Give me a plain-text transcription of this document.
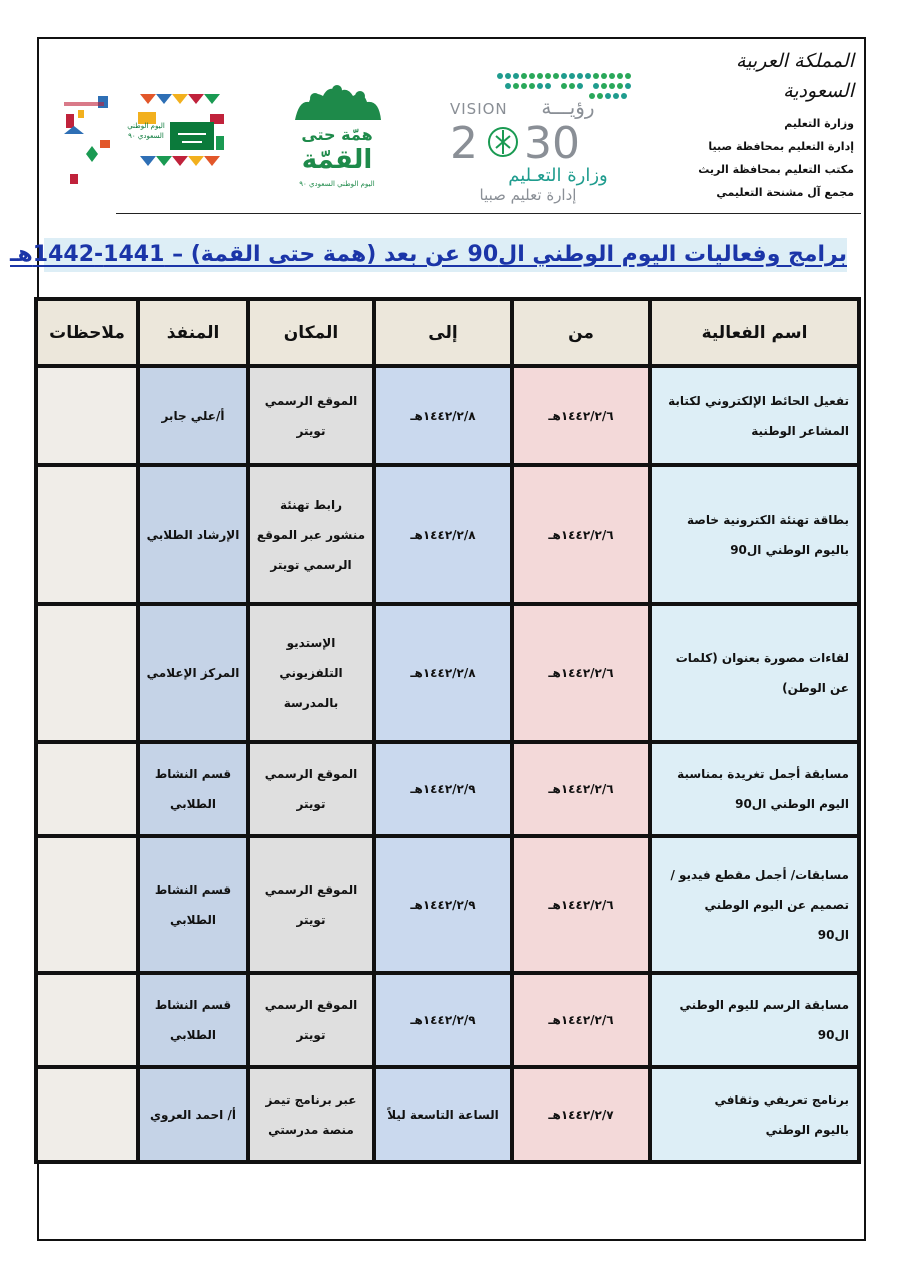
المملكة العربية السعودية
وزارة التعليم
إدارة التعليم بمحافظة صبيا
مكتب التعليم بمحافظة الريث
مجمع آل مشنحة التعليمي
VISION رؤيـــة
2 30
وزارة التعـليم
إدارة تعليم صبيا
همّة حتى
القمّة
اليوم الوطني السعودي ٩٠
اليوم الوطني
السعودي ٩٠
برامج وفعاليات اليوم الوطني ال90 عن بعد (همة حتى القمة) – 1441-1442هـ
اسم الفعالية	من	إلى	المكان	المنفذ	ملاحظات

تفعيل الحائط الإلكتروني لكتابة
المشاعر الوطنية	١٤٤٢/٢/٦هـ	١٤٤٢/٢/٨هـ	الموقع الرسمي
تويتر	أ/علي جابر	

بطاقة تهنئة الكترونية خاصة
باليوم الوطني ال90	١٤٤٢/٢/٦هـ	١٤٤٢/٢/٨هـ	رابط تهنئة
منشور عبر الموقع
الرسمي تويتر	الإرشاد الطلابي	

لقاءات مصورة بعنوان (كلمات
عن الوطن)	١٤٤٢/٢/٦هـ	١٤٤٢/٢/٨هـ	الإستديو
التلفزيوني
بالمدرسة	المركز الإعلامي	

مسابقة أجمل تغريدة بمناسبة
اليوم الوطني ال90	١٤٤٢/٢/٦هـ	١٤٤٢/٢/٩هـ	الموقع الرسمي
تويتر	قسم النشاط
الطلابي	

مسابقات/ أجمل مقطع فيديو /
تصميم عن اليوم الوطني
ال90	١٤٤٢/٢/٦هـ	١٤٤٢/٢/٩هـ	الموقع الرسمي
تويتر	قسم النشاط
الطلابي	

مسابقة الرسم لليوم الوطني
ال90	١٤٤٢/٢/٦هـ	١٤٤٢/٢/٩هـ	الموقع الرسمي
تويتر	قسم النشاط
الطلابي	

برنامج تعريفي وثقافي
باليوم الوطني	١٤٤٢/٢/٧هـ	الساعة التاسعة ليلاً	عبر برنامج تيمز
منصة مدرستي	أ/ احمد العروي	
